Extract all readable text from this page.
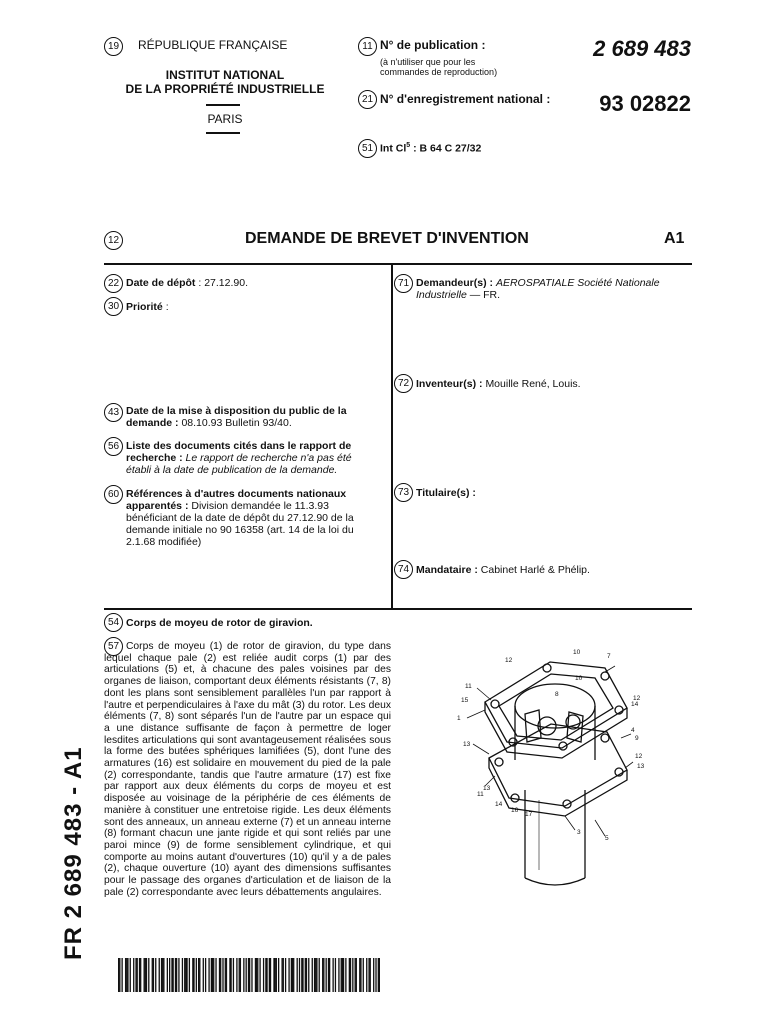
19	RÉPUBLIQUE FRANÇAISE
INSTITUT NATIONAL
DE LA PROPRIÉTÉ INDUSTRIELLE
PARIS
11 N° de publication :
(à n'utiliser que pour les
commandes de reproduction)
2 689 483
21 N° d'enregistrement national :	93 02822
51 Int Cl$^5$ : B 64 C 27/32
12	DEMANDE DE BREVET D'INVENTION	A1
22 Date de dépôt : 27.12.90.
30 Priorité :
43 Date de la mise à disposition du public de la
demande : 08.10.93 Bulletin 93/40.
56 Liste des documents cités dans le rapport de
recherche : Le rapport de recherche n'a pas été
établi à la date de publication de la demande.
60 Références à d'autres documents nationaux
apparentés : Division demandée le 11.3.93
bénéficiant de la date de dépôt du 27.12.90 de la
demande initiale no 90 16358 (art. 14 de la loi du
2.1.68 modifiée)
71 Demandeur(s) : AEROSPATIALE Société Nationale
Industrielle — FR.
72 Inventeur(s) : Mouille René, Louis.
73 Titulaire(s) :
74 Mandataire : Cabinet Harlé & Phélip.
54 Corps de moyeu de rotor de giravion.
57 Corps de moyeu (1) de rotor de giravion, du type dans lequel chaque pale (2) est reliée audit corps (1) par des articulations (5) et, à chacune des pales voisines par des organes de liaison, comportant deux éléments résistants (7, 8) dont les plans sont sensiblement parallèles l'un par rapport à l'autre et perpendiculaires à l'axe du mât (3) du rotor. Les deux éléments (7, 8) sont séparés l'un de l'autre par un espace qui a une distance suffisante de façon à permettre de loger lesdites articulations qui sont avantageusement réalisées sous la forme des butées sphériques lamifiées (5), dont l'une des armatures (16) est solidaire en mouvement du pied de la pale (2) correspondante, tandis que l'autre armature (17) est fixe par rapport aux deux éléments du corps de moyeu et est disposée au voisinage de la périphérie de ces éléments de manière à constituer une entretoise rigide. Les deux éléments sont des anneaux, un anneau externe (7) et un anneau interne (8) formant chacun une jante rigide et qui sont reliés par une paroi mince (9) de forme sensiblement cylindrique, et qui comporte au moins autant d'ouvertures (10) qu'il y a de pales (2), chaque ouverture (10) ayant des dimensions suffisantes pour le passage des organes d'articulation et de liaison de la pale (2) correspondante avec leurs débattements angulaires.
12
10
7
11
15
10
12
8
14
1
13
4
9
12
13
13
14
11
16
17
5
3
FR 2 689 483 - A1
